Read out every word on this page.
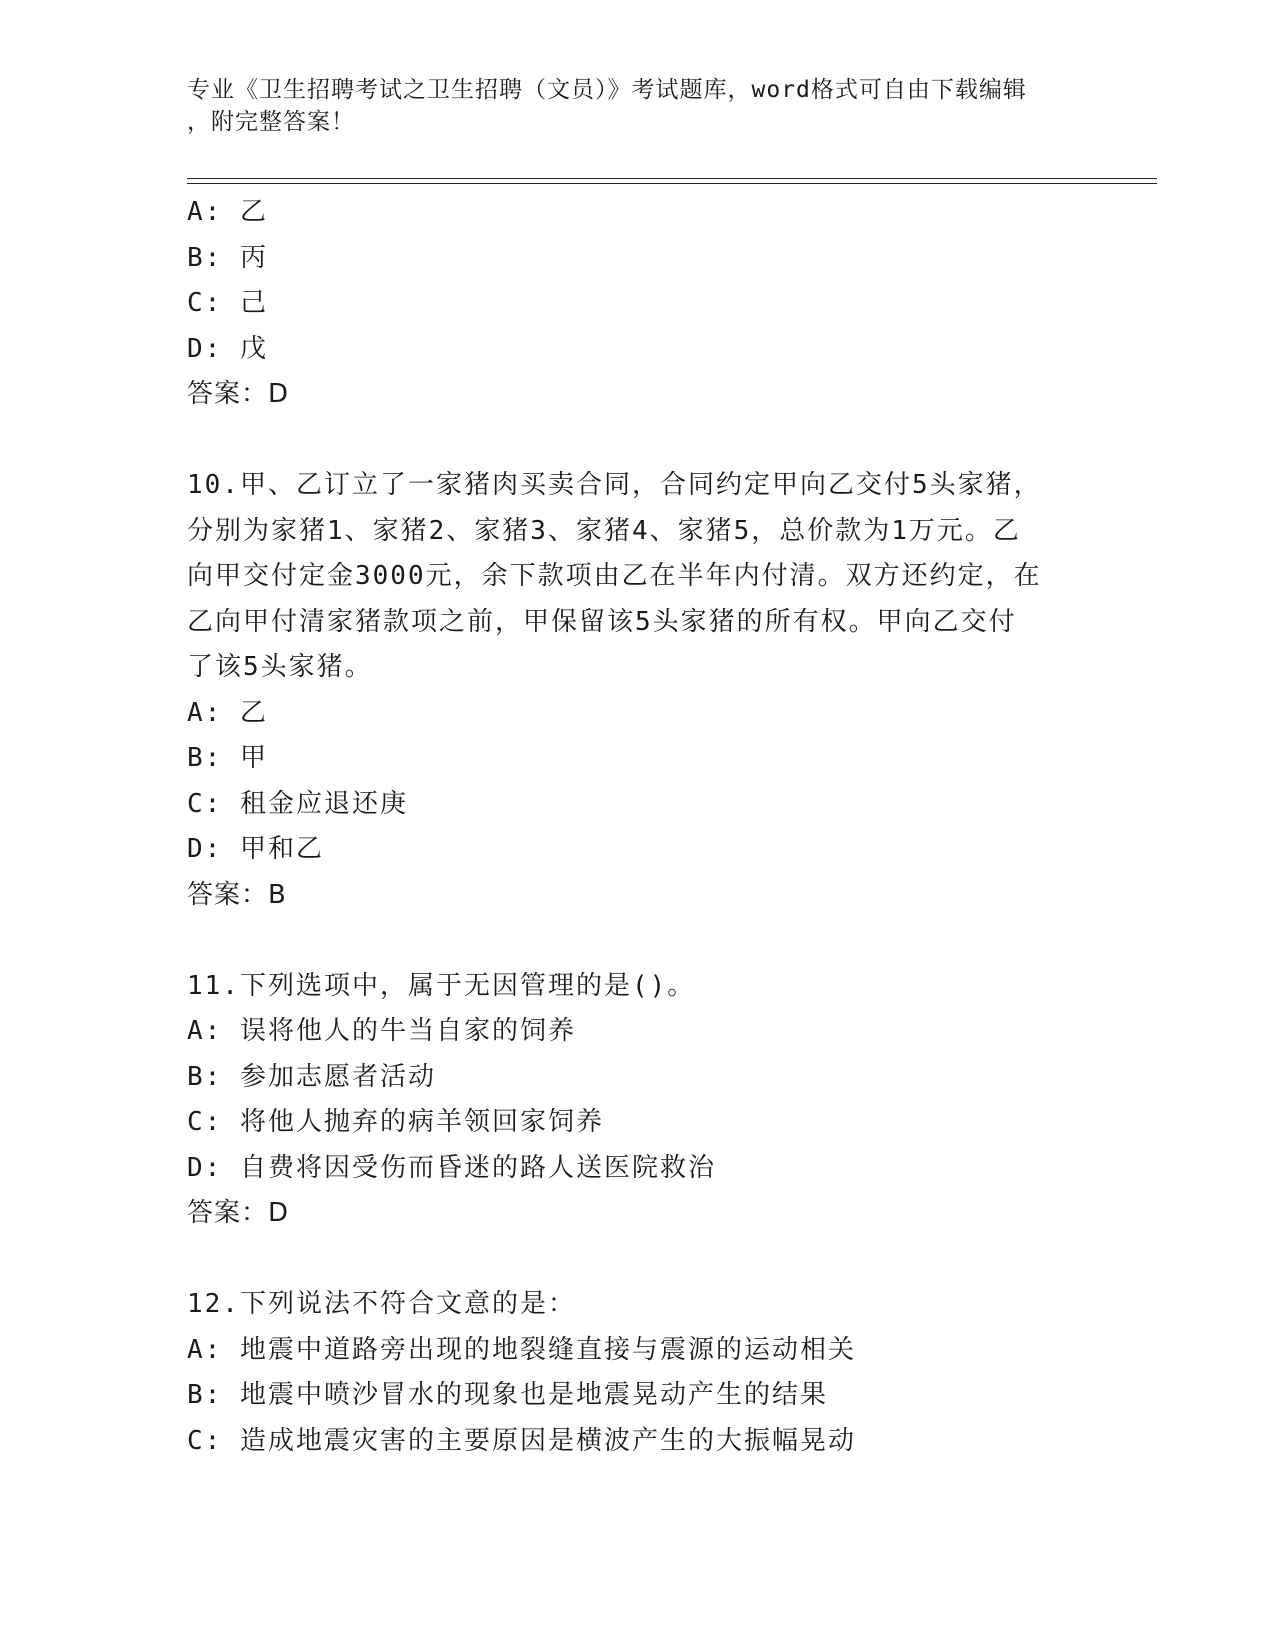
专业《卫生招聘考试之卫生招聘（文员）》考试题库，word格式可自由下载编辑
，附完整答案！

A: 乙

B: 丙

C: 己

D: 戊

答案：D

10.甲、乙订立了一家猪肉买卖合同，合同约定甲向乙交付5头家猪，

分别为家猪1、家猪2、家猪3、家猪4、家猪5，总价款为1万元。乙

向甲交付定金3000元，余下款项由乙在半年内付清。双方还约定，在

乙向甲付清家猪款项之前，甲保留该5头家猪的所有权。甲向乙交付

了该5头家猪。

A: 乙

B: 甲

C: 租金应退还庚

D: 甲和乙

答案：B

11.下列选项中，属于无因管理的是()。

A: 误将他人的牛当自家的饲养

B: 参加志愿者活动

C: 将他人抛弃的病羊领回家饲养

D: 自费将因受伤而昏迷的路人送医院救治

答案：D

12.下列说法不符合文意的是：

A: 地震中道路旁出现的地裂缝直接与震源的运动相关

B: 地震中喷沙冒水的现象也是地震晃动产生的结果

C: 造成地震灾害的主要原因是横波产生的大振幅晃动
